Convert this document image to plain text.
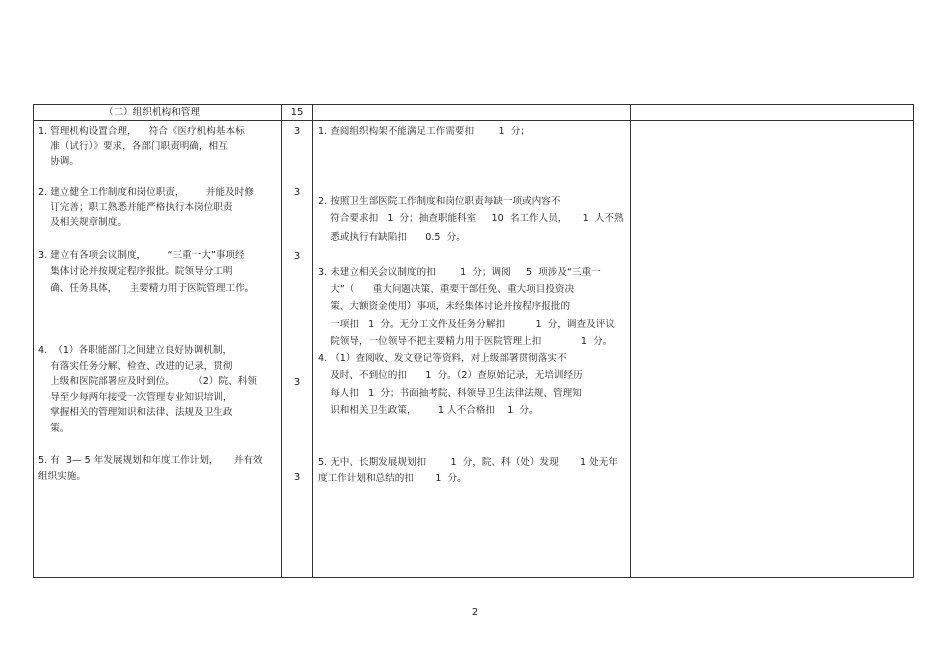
（二）组织机构和管理	15
1. 管理机构设置合理，    符合《医疗机构基本标
准（试行）》要求，各部门职责明确，相互
协调。
3	1. 查阅组织构架不能满足工作需要扣        1  分；
2. 建立健全工作制度和岗位职责，       并能及时修
订完善；职工熟悉并能严格执行本岗位职责
及相关规章制度。
3
2. 按照卫生部医院工作制度和岗位职责每缺一项或内容不
符合要求扣   1  分；抽查职能科室     10  名工作人员，     1  人不熟
悉或执行有缺陷扣      0.5  分。
3. 建立有各项会议制度，       “三重一大”事项经
集体讨论并按规定程序报批。院领导分工明
确、任务具体，    主要精力用于医院管理工作。
3
3. 未建立相关会议制度的扣        1  分；调阅     5  项涉及“三重一
大”（      重大问题决策、重要干部任免、重大项目投资决
策、大额资金使用）事项，未经集体讨论并按程序报批的
一项扣   1  分。无分工文件及任务分解扣          1  分，调查及评议
院领导，一位领导不把主要精力用于医院管理上扣             1  分。
4.  （1）各职能部门之间建立良好协调机制，
有落实任务分解、检查、改进的记录，贯彻
上级和医院部署应及时到位。      （2）院、科领
导至少每两年接受一次管理专业知识培训，
掌握相关的管理知识和法律、法规及卫生政
策。
3
4. （1）查阅收、发文登记等资料，对上级部署贯彻落实不
及时、不到位的扣      1  分。（2）查原始记录，无培训经历
每人扣   1  分；书面抽考院、科领导卫生法律法规、管理知
识和相关卫生政策，       1 人不合格扣    1  分。
5. 有  3— 5 年发展规划和年度工作计划，     并有效
组织实施。	3
5. 无中、长期发展规划扣        1  分，院、科（处）发现       1 处无年
度工作计划和总结的扣       1  分。
2
